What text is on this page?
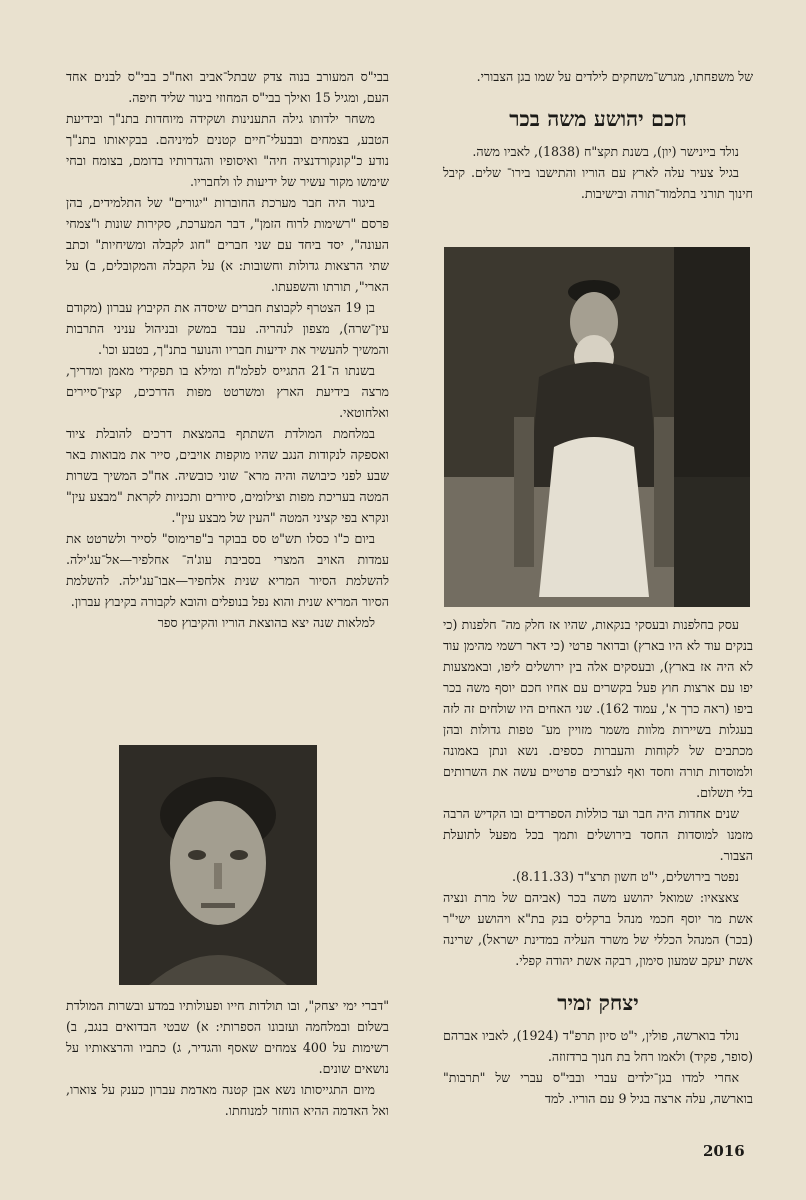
של משפחתו, מגרש־משחקים לילדים על שמו בגן הצבורי.

חכם יהושע משה בכר

נולד ביינישר (יון), בשנת תקצ"ח (1838), לאביו משה.

בגיל צעיר עלה לארץ עם הוריו והתישבו בירו־ שלים. קיבל חינוך תורני בתלמוד־תורה ובישיבות.

עסק בחלפנות ובעסקי בנקאות, שהיו אז חלק מה־ חלפנות (כי בנקים עוד לא היו בארץ) ובדואר פרטי (כי דאר רשמי מהימן עוד לא היה אז בארץ), ובעסקים אלה בין ירושלים ליפו, ובאמצעות יפו עם ארצות חוץ פעל בקשרים עם אחיו חכם יוסף משה בכר ביפו (ראה כרך א', עמוד 162). שני האחים היו שולחים זה לזה בעגלות בשיירות מלוות משמר מזויין מע־ טפות גדולות ובהן מכתבים של לקוחות והעברות כספים. נשא ונתן באמונה ולמוסדות תורה וחסד ואף לנצרכים פרטיים עשה את השרותים בלי תשלום.

שנים אחדות היה חבר ועד כוללות הספרדים ובו הקדיש הרבה מזמנו למוסדות החסד בירושלים ותמך בכל מפעל לתועלת הצבור.

נפטר בירושלים, י"ט חשון תרצ"ד (8.11.33).

צאצאיו: שמואל יהושע משה בכר (אביהם של מרת ונציה אשת מר יוסף חכמי מנהל ברקליס בנק בת"א ויהושע ישי"ר (בכר) המנהל הכללי של משרד העליה במדינת ישראל), שרינה אשת יעקב שמעון סימון, רבקה אשת יהודה קפלי.

יצחק זמיר

נולד בוארשה, פולין, י"ט סיון תרפ"ד (1924), לאביו אברהם (סופר, פקיד) ולאמו רחל בת חנוך ברדזוזה.

אחרי למדו בגן־ילדים עברי ובבי"ס עברי של "תרבות" בוארשה, עלה ארצה בגיל 9 עם הוריו. למד

בבי"ס המעורב בנוה צדק שבתל־אביב ואח"כ בבי"ס לבנים אחד העם, ומגיל 15 ואילך בבי"ס המחוזי ביגור שליד חיפה.

משחר ילדותו גילה התענינות ושקידה מיוחדות בתנ"ך ובידיעת הטבע, בצמחים ובבעלי־חיים קטנים למיניהם. בבקיאותו בתנ"ך נודע כ"קונקורדנציה חיה" ואיסופיו והגדרותיו בדומם, בצומח ובחי שימשו מקור עשיר של ידיעות לו ולחבריו.

ביגור היה חבר מערכת החוברות "יגורים" של התלמידים, בהן פרסם "רשימות לרוח הזמן", דבר המערכת, סקירות שונות ו"צמחי העונה", יסד ביחד עם שני חברים "חוג לקבלה ומשיחיות" וכתב שתי הרצאות גדולות וחשובות: א) על הקבלה והמקובלים, ב) על הארי", תורתו והשפעתו.

בן 19 הצטרף לקבוצת חברים שיסדה את הקיבוץ עברון (מקודם עין־שרה), מצפון לנהריה. עבד במשק ובניהול עניני התרבות והמשיך להעשיר את ידיעות חבריו והנוער בתנ"ך, בטבע וכו'.

בשנתו ה־21 התגייס לפלמ"ח ומילא בו תפקידי מאמן ומדריך, מרצה בידיעת הארץ ומשרטט מפות הדרכים, קצין־סיירים ואלחוטאי.

במלחמת המולדת השתתף בהמצאת דרכים להובלת ציוד ואספקה לנקודות הנגב שהיו מוקפות אויבים, סייר את מבואות באר שבע לפני כיבושה והיה מרא־ שוני כובשיה. אח"כ המשיך בשרות המטה בעריכת מפות וצילומים, סיורים ותכניות לקראת "מבצע עין" ונקרא בפי קציני המטה "העין של מבצע עין".

ביום כ"ו כסלו תש"ט סס בבוקר ב"פרימוס" לסייר ולשרטט את עמדות האויב המצרי בסביבת עוג'ה־ אחלפיר—אל־עג'ילה. להשלמת הסיור המריא שנית אלחפיר—אבו־עג'ילה. להשלמת הסיור המריא שנית והוא נפל בנופלים והובא לקבורה בקיבוץ עברון.

למלאות שנה יצא בהוצאת הוריו והקיבוץ ספר

"דברי ימי יצחק", ובו תולדות חייו ופעולותיו במדע ובשרות המולדת בשלום ובמלחמה ועזבונו הספרותי: א) שבטי הבדואים בנגב, ב) רשימות על 400 צמחים שאסף והגדיר, ג) כתביו והרצאותיו על נושאים שונים.

מיום התגייסותו נשא אבן קטנה מאדמת עברון כענק על צוארו, ואל האדמה ההיא הוחזר למנוחתו.

2016
